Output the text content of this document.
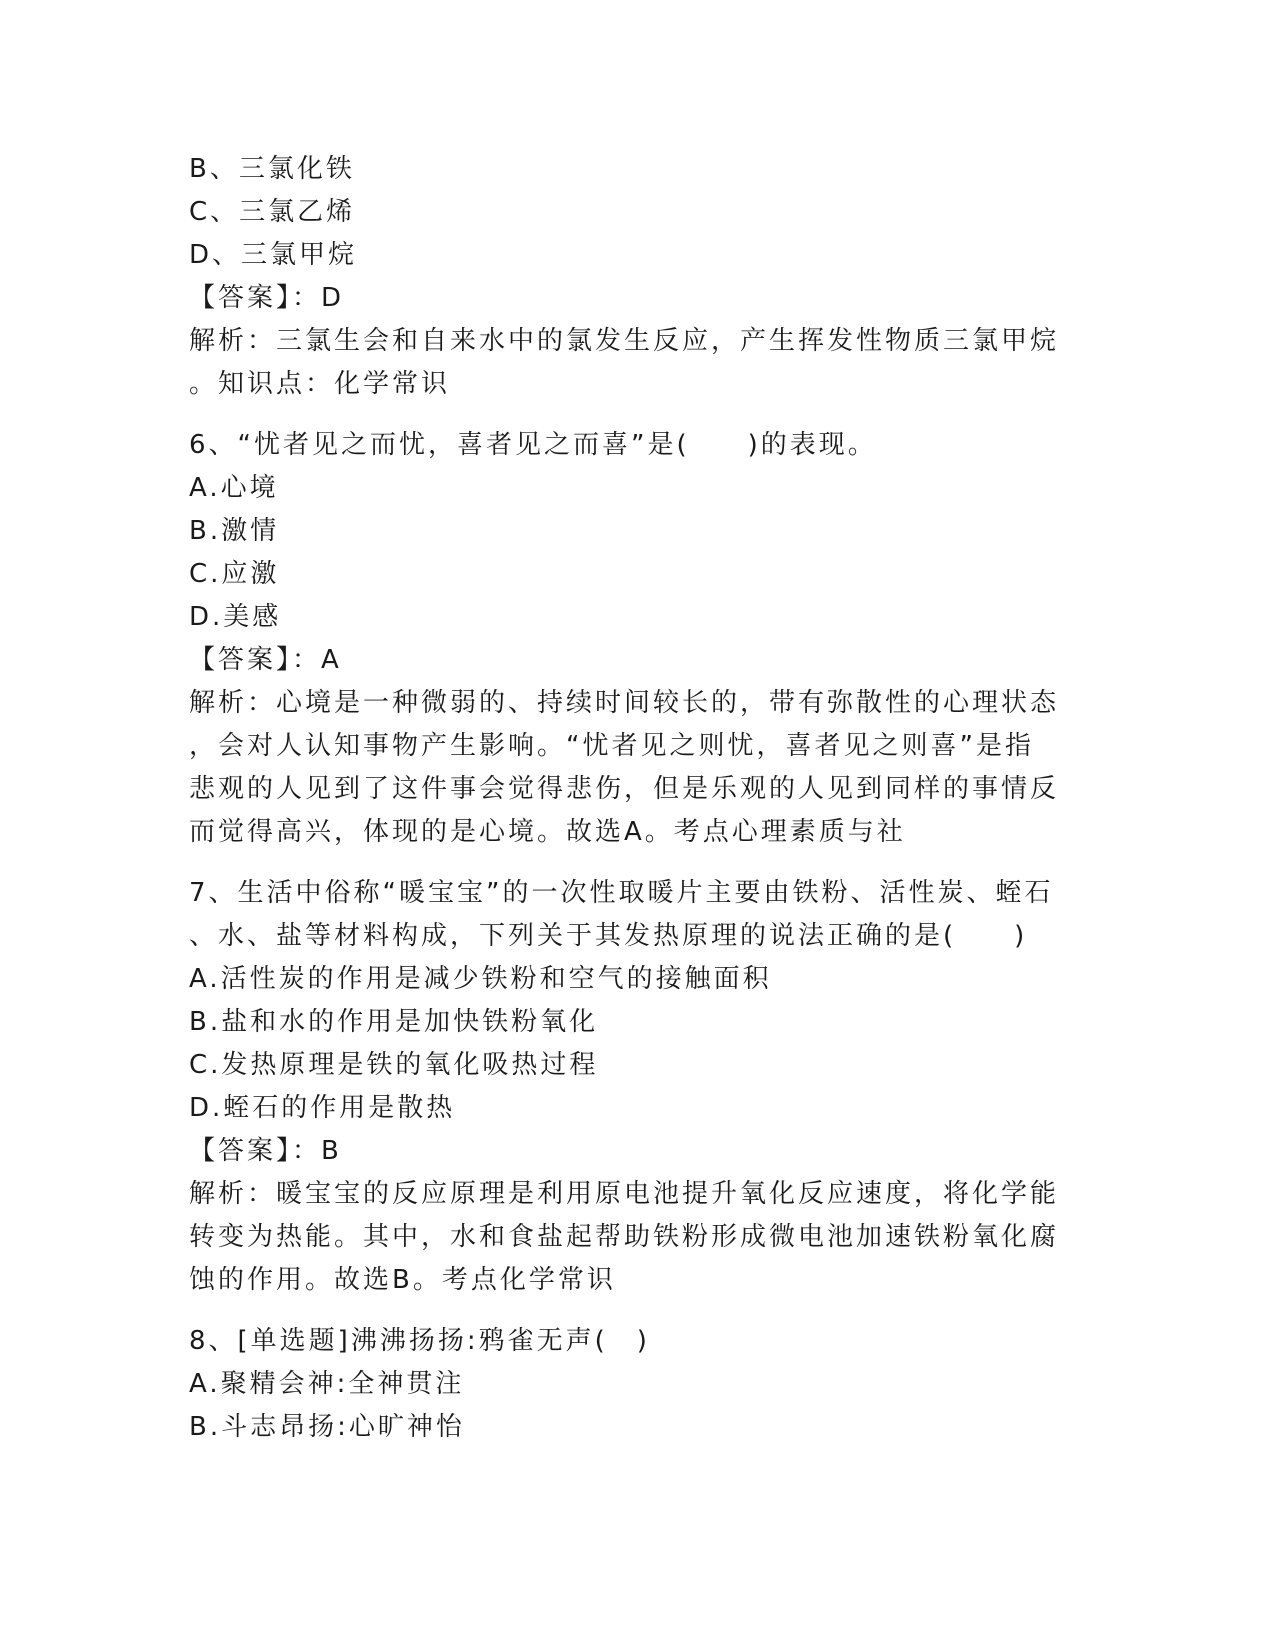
B、三氯化铁
C、三氯乙烯
D、三氯甲烷
【答案】：D
解析：三氯生会和自来水中的氯发生反应，产生挥发性物质三氯甲烷
。知识点：化学常识
6、“忧者见之而忧，喜者见之而喜”是(　　)的表现。
A.心境
B.激情
C.应激
D.美感
【答案】：A
解析：心境是一种微弱的、持续时间较长的，带有弥散性的心理状态
，会对人认知事物产生影响。“忧者见之则忧，喜者见之则喜”是指
悲观的人见到了这件事会觉得悲伤，但是乐观的人见到同样的事情反
而觉得高兴，体现的是心境。故选A。考点心理素质与社
7、生活中俗称“暖宝宝”的一次性取暖片主要由铁粉、活性炭、蛭石
、水、盐等材料构成，下列关于其发热原理的说法正确的是(　　)
A.活性炭的作用是减少铁粉和空气的接触面积
B.盐和水的作用是加快铁粉氧化
C.发热原理是铁的氧化吸热过程
D.蛭石的作用是散热
【答案】：B
解析：暖宝宝的反应原理是利用原电池提升氧化反应速度，将化学能
转变为热能。其中，水和食盐起帮助铁粉形成微电池加速铁粉氧化腐
蚀的作用。故选B。考点化学常识
8、[单选题]沸沸扬扬:鸦雀无声(　)
A.聚精会神:全神贯注
B.斗志昂扬:心旷神怡
